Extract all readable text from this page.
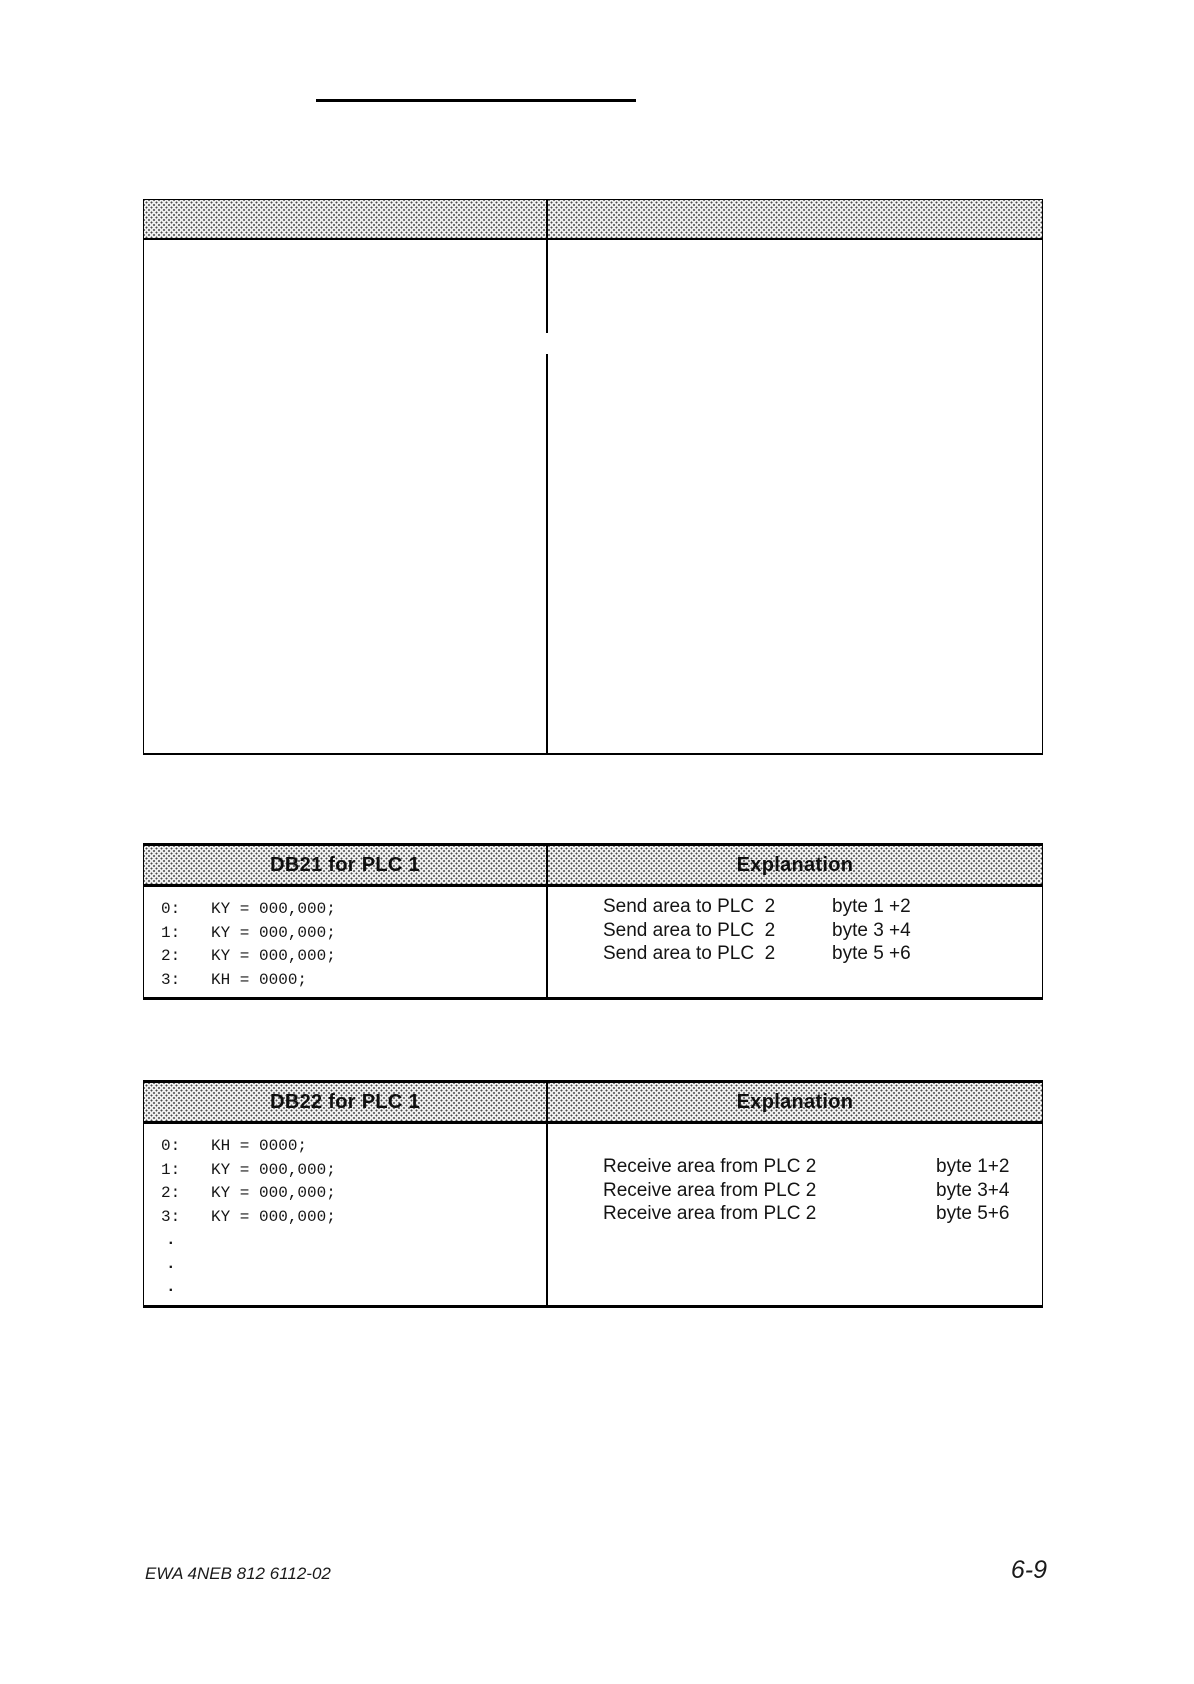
DB21 for PLC 1	Explanation
0: KY = 000,000;
1: KY = 000,000;
2: KY = 000,000;
3: KH = 0000;
Send area to PLC  2	byte 1 +2
Send area to PLC  2	byte 3 +4
Send area to PLC  2	byte 5 +6
DB22 for PLC 1	Explanation
0: KH = 0000;
1: KY = 000,000;
2: KY = 000,000;
3: KY = 000,000;
.
.
.
Receive area from PLC 2	byte 1+2
Receive area from PLC 2	byte 3+4
Receive area from PLC 2	byte 5+6
EWA 4NEB 812 6112-02	6-9
